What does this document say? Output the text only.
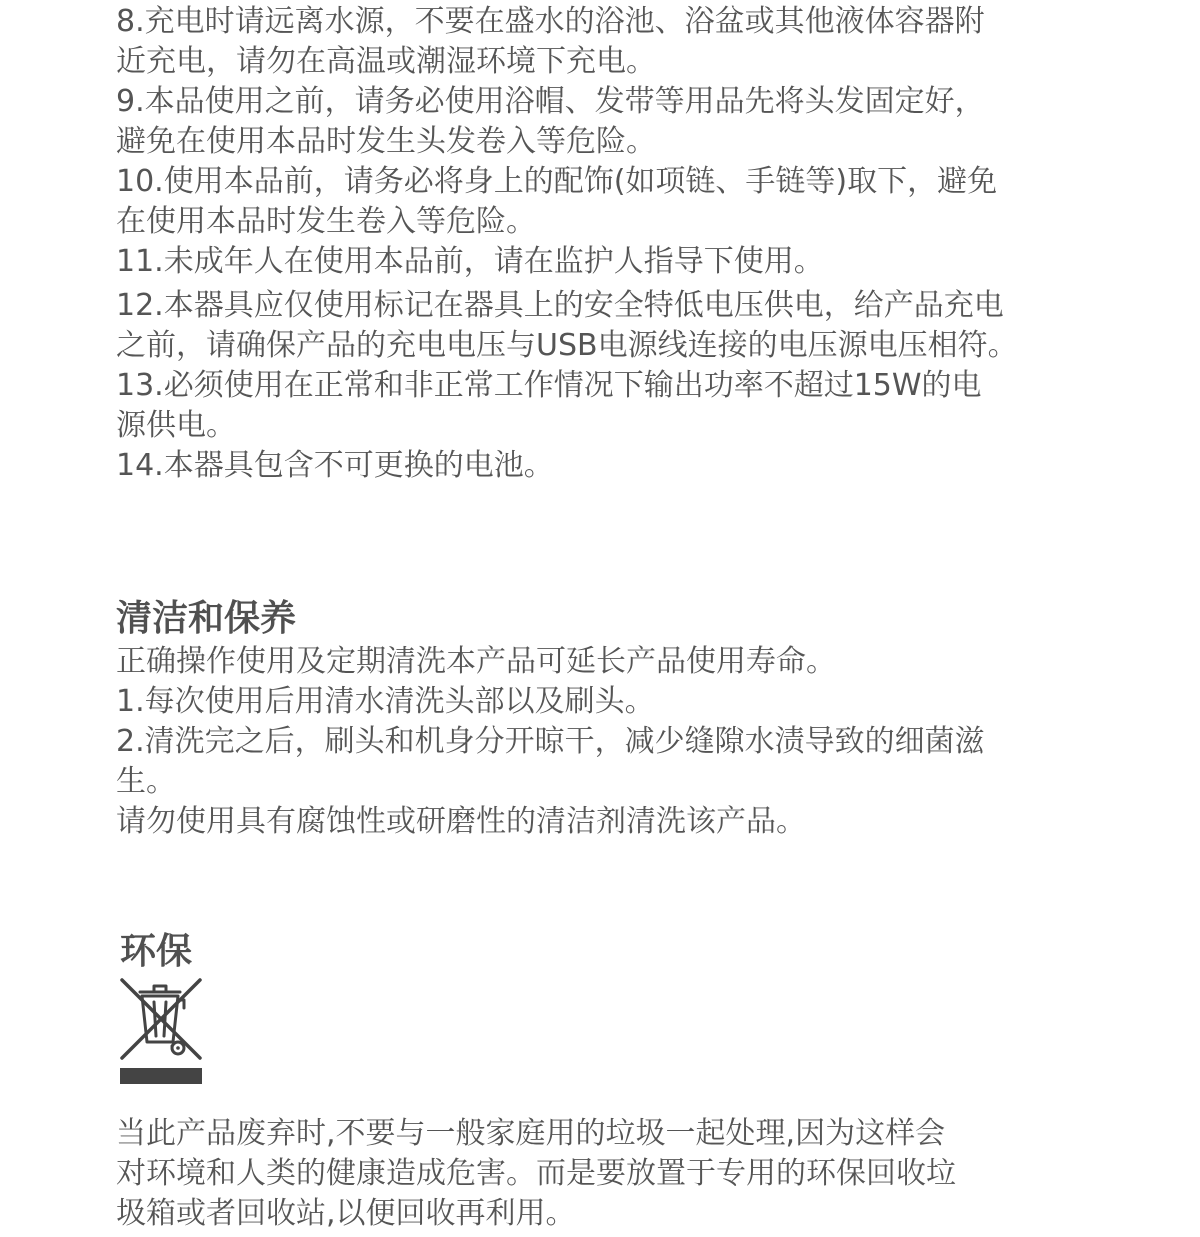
8.充电时请远离水源，不要在盛水的浴池、浴盆或其他液体容器附
近充电，请勿在高温或潮湿环境下充电。
9.本品使用之前，请务必使用浴帽、发带等用品先将头发固定好，
避免在使用本品时发生头发卷入等危险。
10.使用本品前，请务必将身上的配饰(如项链、手链等)取下，避免
在使用本品时发生卷入等危险。
11.未成年人在使用本品前，请在监护人指导下使用。
12.本器具应仅使用标记在器具上的安全特低电压供电，给产品充电
之前，请确保产品的充电电压与USB电源线连接的电压源电压相符。
13.必须使用在正常和非正常工作情况下输出功率不超过15W的电
源供电。
14.本器具包含不可更换的电池。
清洁和保养
正确操作使用及定期清洗本产品可延长产品使用寿命。
1.每次使用后用清水清洗头部以及刷头。
2.清洗完之后，刷头和机身分开晾干，减少缝隙水渍导致的细菌滋
生。
请勿使用具有腐蚀性或研磨性的清洁剂清洗该产品。
环保
当此产品废弃时,不要与一般家庭用的垃圾一起处理,因为这样会
对环境和人类的健康造成危害。而是要放置于专用的环保回收垃
圾箱或者回收站,以便回收再利用。
